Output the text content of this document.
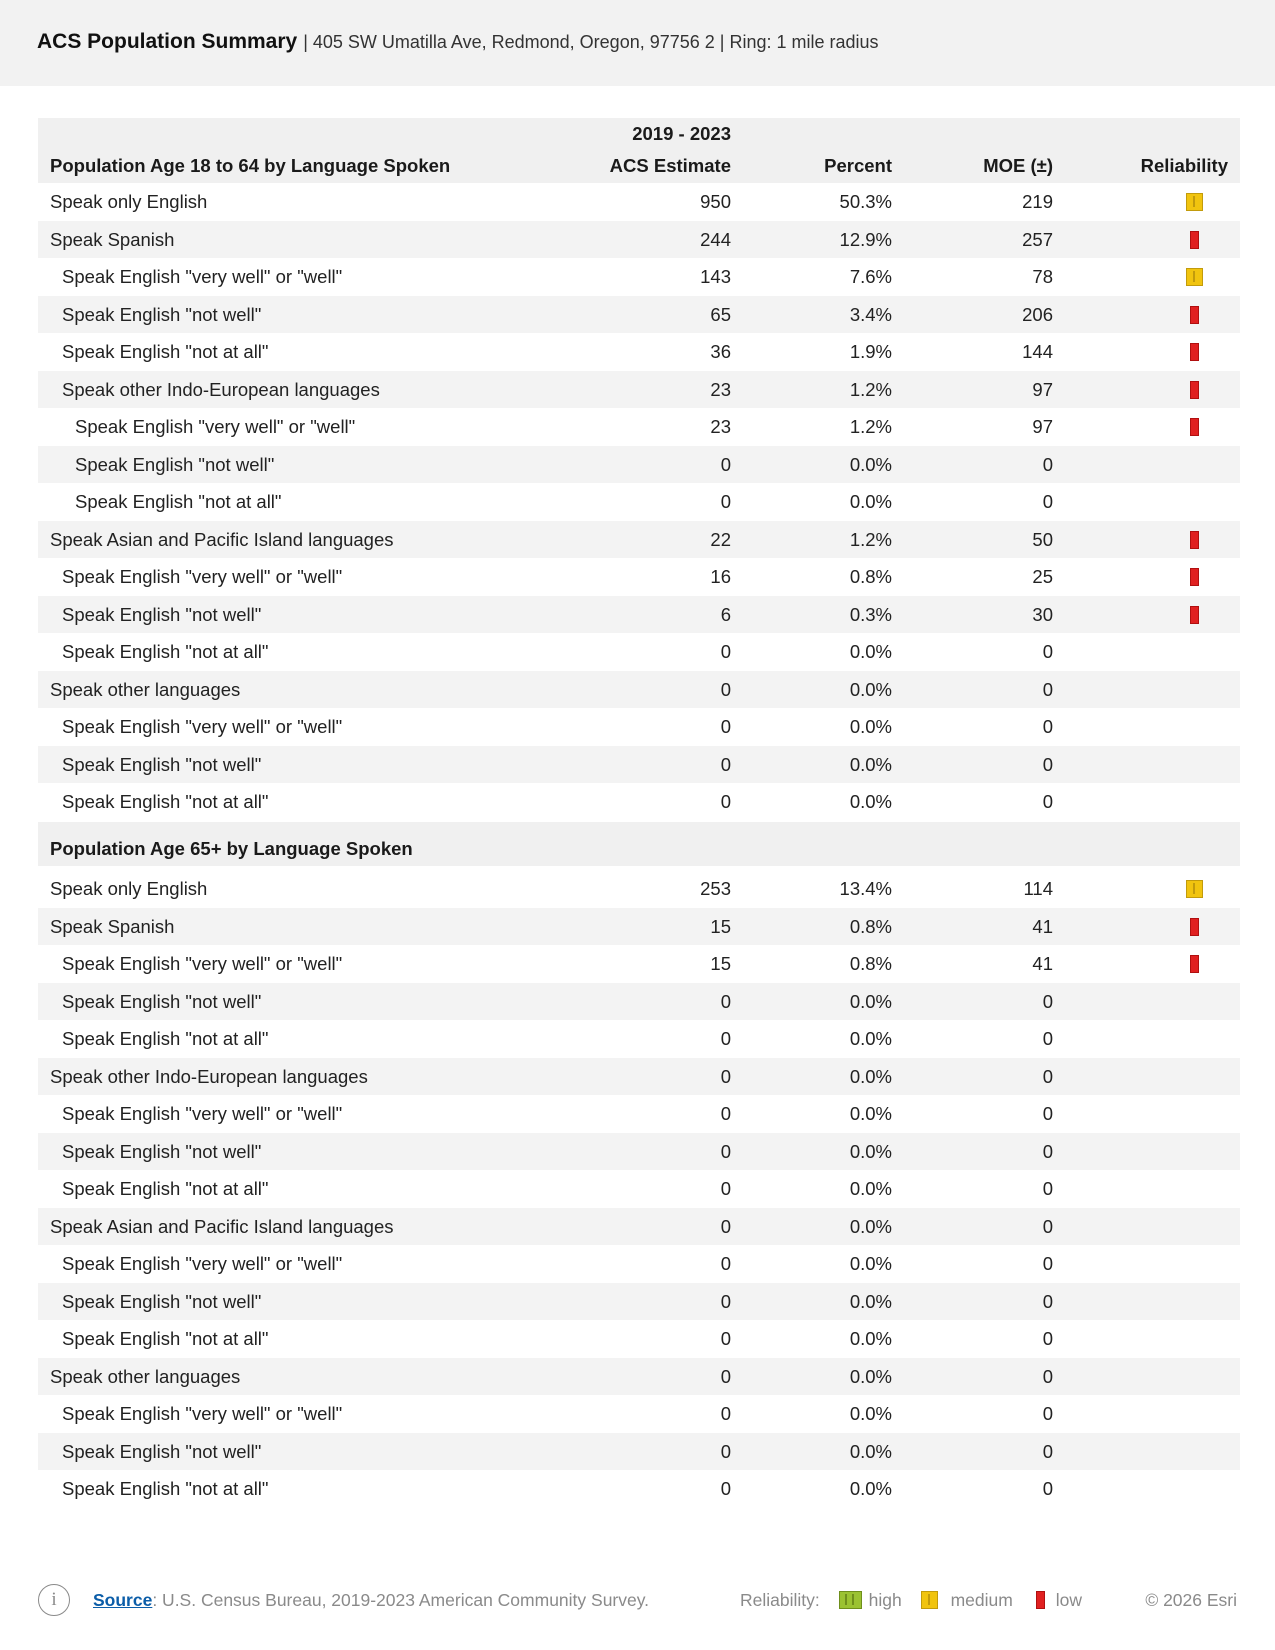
ACS Population Summary | 405 SW Umatilla Ave, Redmond, Oregon, 97756 2 | Ring: 1 mile radius
2019 - 2023
Population Age 18 to 64 by Language Spoken	ACS Estimate	Percent	MOE (±)	Reliability
Speak only English	950	50.3%	219
Speak Spanish	244	12.9%	257
Speak English "very well" or "well"	143	7.6%	78
Speak English "not well"	65	3.4%	206
Speak English "not at all"	36	1.9%	144
Speak other Indo-European languages	23	1.2%	97
Speak English "very well" or "well"	23	1.2%	97
Speak English "not well"	0	0.0%	0
Speak English "not at all"	0	0.0%	0
Speak Asian and Pacific Island languages	22	1.2%	50
Speak English "very well" or "well"	16	0.8%	25
Speak English "not well"	6	0.3%	30
Speak English "not at all"	0	0.0%	0
Speak other languages	0	0.0%	0
Speak English "very well" or "well"	0	0.0%	0
Speak English "not well"	0	0.0%	0
Speak English "not at all"	0	0.0%	0
Population Age 65+ by Language Spoken
Speak only English	253	13.4%	114
Speak Spanish	15	0.8%	41
Speak English "very well" or "well"	15	0.8%	41
Speak English "not well"	0	0.0%	0
Speak English "not at all"	0	0.0%	0
Speak other Indo-European languages	0	0.0%	0
Speak English "very well" or "well"	0	0.0%	0
Speak English "not well"	0	0.0%	0
Speak English "not at all"	0	0.0%	0
Speak Asian and Pacific Island languages	0	0.0%	0
Speak English "very well" or "well"	0	0.0%	0
Speak English "not well"	0	0.0%	0
Speak English "not at all"	0	0.0%	0
Speak other languages	0	0.0%	0
Speak English "very well" or "well"	0	0.0%	0
Speak English "not well"	0	0.0%	0
Speak English "not at all"	0	0.0%	0
i	Source: U.S. Census Bureau, 2019-2023 American Community Survey.	Reliability:	high	medium low	© 2026 Esri
